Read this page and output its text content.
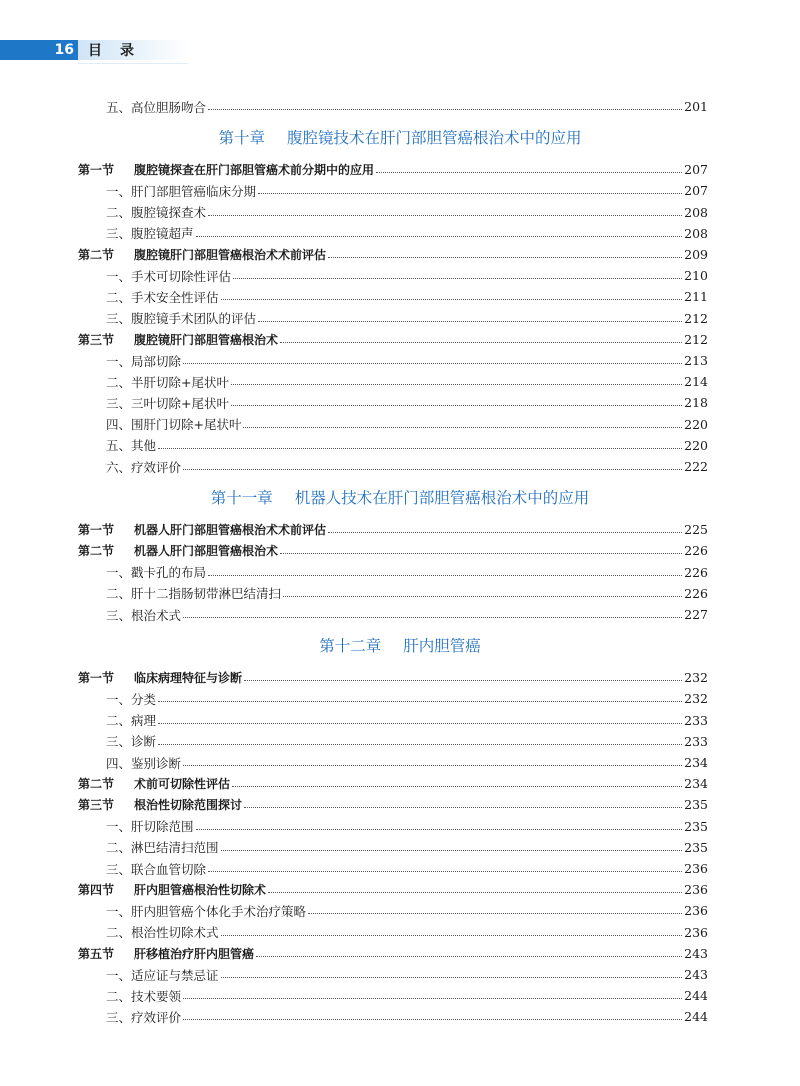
16 目录
五、高位胆肠吻合	201
第十章 腹腔镜技术在肝门部胆管癌根治术中的应用
第一节 腹腔镜探查在肝门部胆管癌术前分期中的应用	207
一、肝门部胆管癌临床分期	207
二、腹腔镜探查术	208
三、腹腔镜超声	208
第二节 腹腔镜肝门部胆管癌根治术术前评估	209
一、手术可切除性评估	210
二、手术安全性评估	211
三、腹腔镜手术团队的评估	212
第三节 腹腔镜肝门部胆管癌根治术	212
一、局部切除	213
二、半肝切除+尾状叶	214
三、三叶切除+尾状叶	218
四、围肝门切除+尾状叶	220
五、其他	220
六、疗效评价	222
第十一章 机器人技术在肝门部胆管癌根治术中的应用
第一节 机器人肝门部胆管癌根治术术前评估	225
第二节 机器人肝门部胆管癌根治术	226
一、戳卡孔的布局	226
二、肝十二指肠韧带淋巴结清扫	226
三、根治术式	227
第十二章 肝内胆管癌
第一节 临床病理特征与诊断	232
一、分类	232
二、病理	233
三、诊断	233
四、鉴别诊断	234
第二节 术前可切除性评估	234
第三节 根治性切除范围探讨	235
一、肝切除范围	235
二、淋巴结清扫范围	235
三、联合血管切除	236
第四节 肝内胆管癌根治性切除术	236
一、肝内胆管癌个体化手术治疗策略	236
二、根治性切除术式	236
第五节 肝移植治疗肝内胆管癌	243
一、适应证与禁忌证	243
二、技术要领	244
三、疗效评价	244
